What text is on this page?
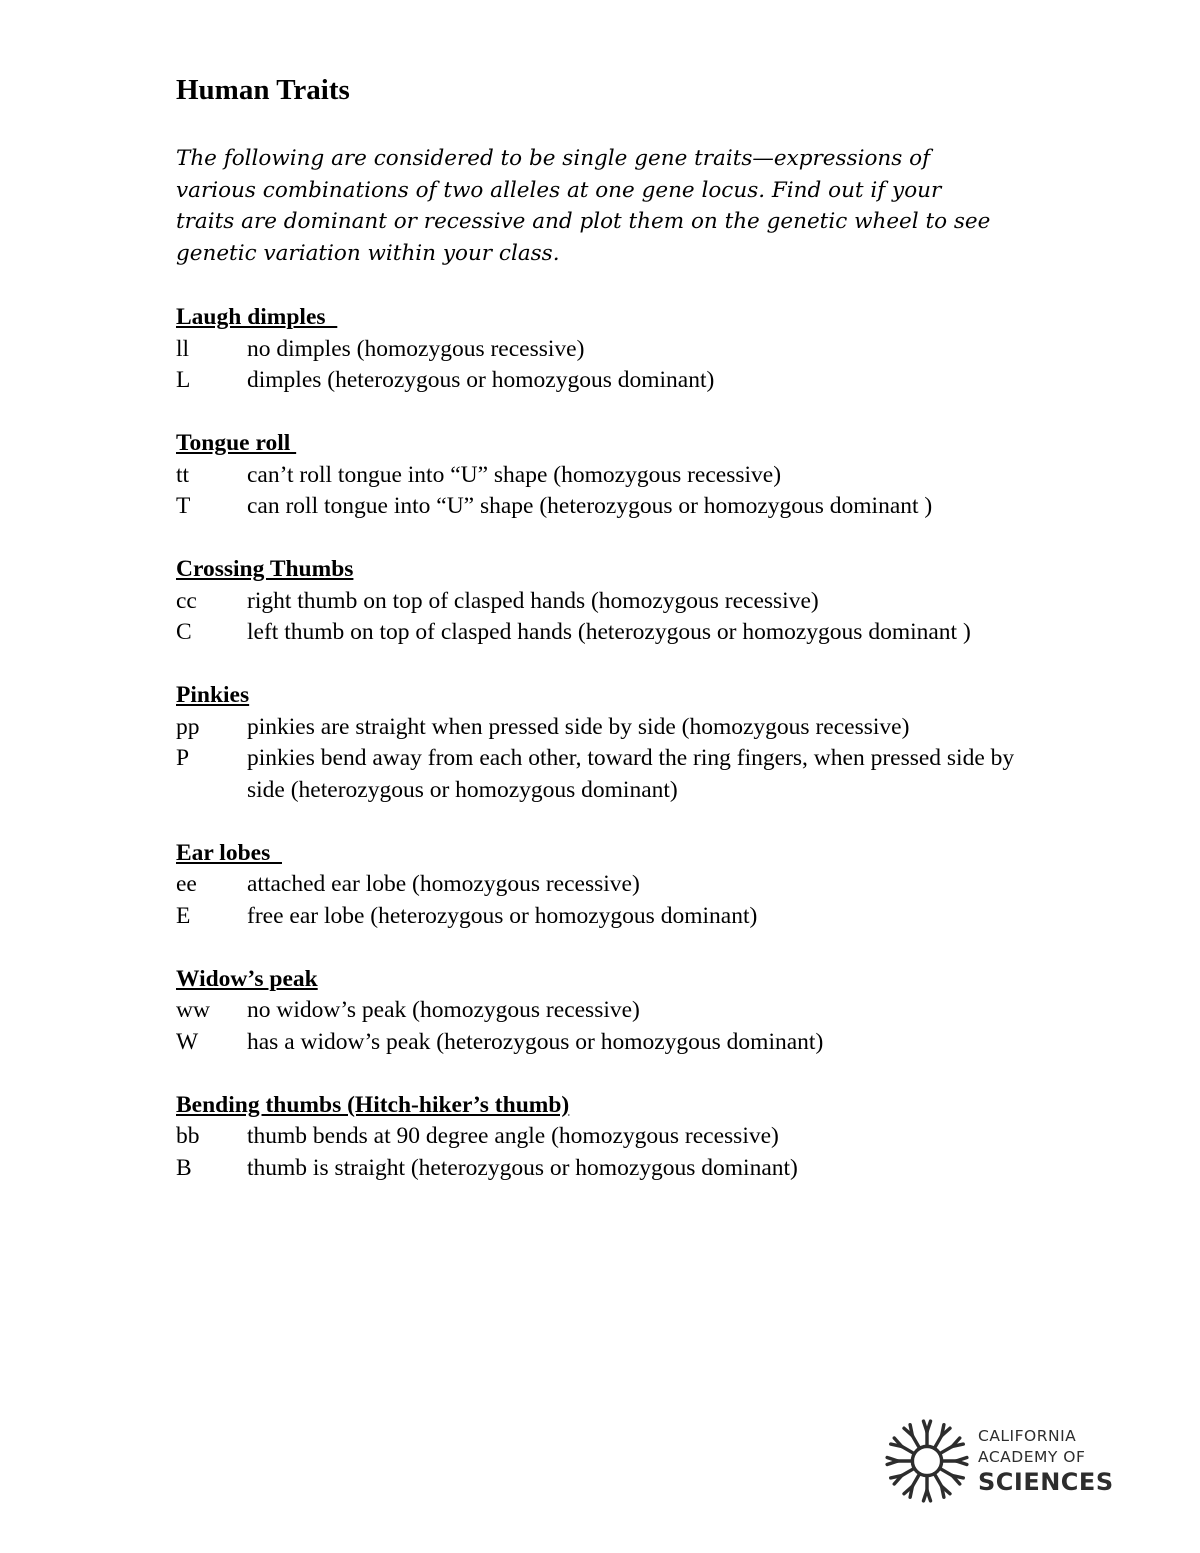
Human Traits

The following are considered to be single gene traits—expressions of
various combinations of two alleles at one gene locus. Find out if your
traits are dominant or recessive and plot them on the genetic wheel to see
genetic variation within your class.

Laugh dimples
ll	no dimples (homozygous recessive)
L	dimples (heterozygous or homozygous dominant)
Tongue roll
tt	can’t roll tongue into “U” shape (homozygous recessive)
T	can roll tongue into “U” shape (heterozygous or homozygous dominant )
Crossing Thumbs
cc	right thumb on top of clasped hands (homozygous recessive)
C	left thumb on top of clasped hands (heterozygous or homozygous dominant )
Pinkies
pp	pinkies are straight when pressed side by side (homozygous recessive)
P	pinkies bend away from each other, toward the ring fingers, when pressed side by side (heterozygous or homozygous dominant)
Ear lobes
ee	attached ear lobe (homozygous recessive)
E	free ear lobe (heterozygous or homozygous dominant)
Widow’s peak
ww	no widow’s peak (homozygous recessive)
W	has a widow’s peak (heterozygous or homozygous dominant)
Bending thumbs (Hitch-hiker’s thumb)
bb	thumb bends at 90 degree angle (homozygous recessive)
B	thumb is straight (heterozygous or homozygous dominant)
CALIFORNIA
ACADEMY OF
SCIENCES
